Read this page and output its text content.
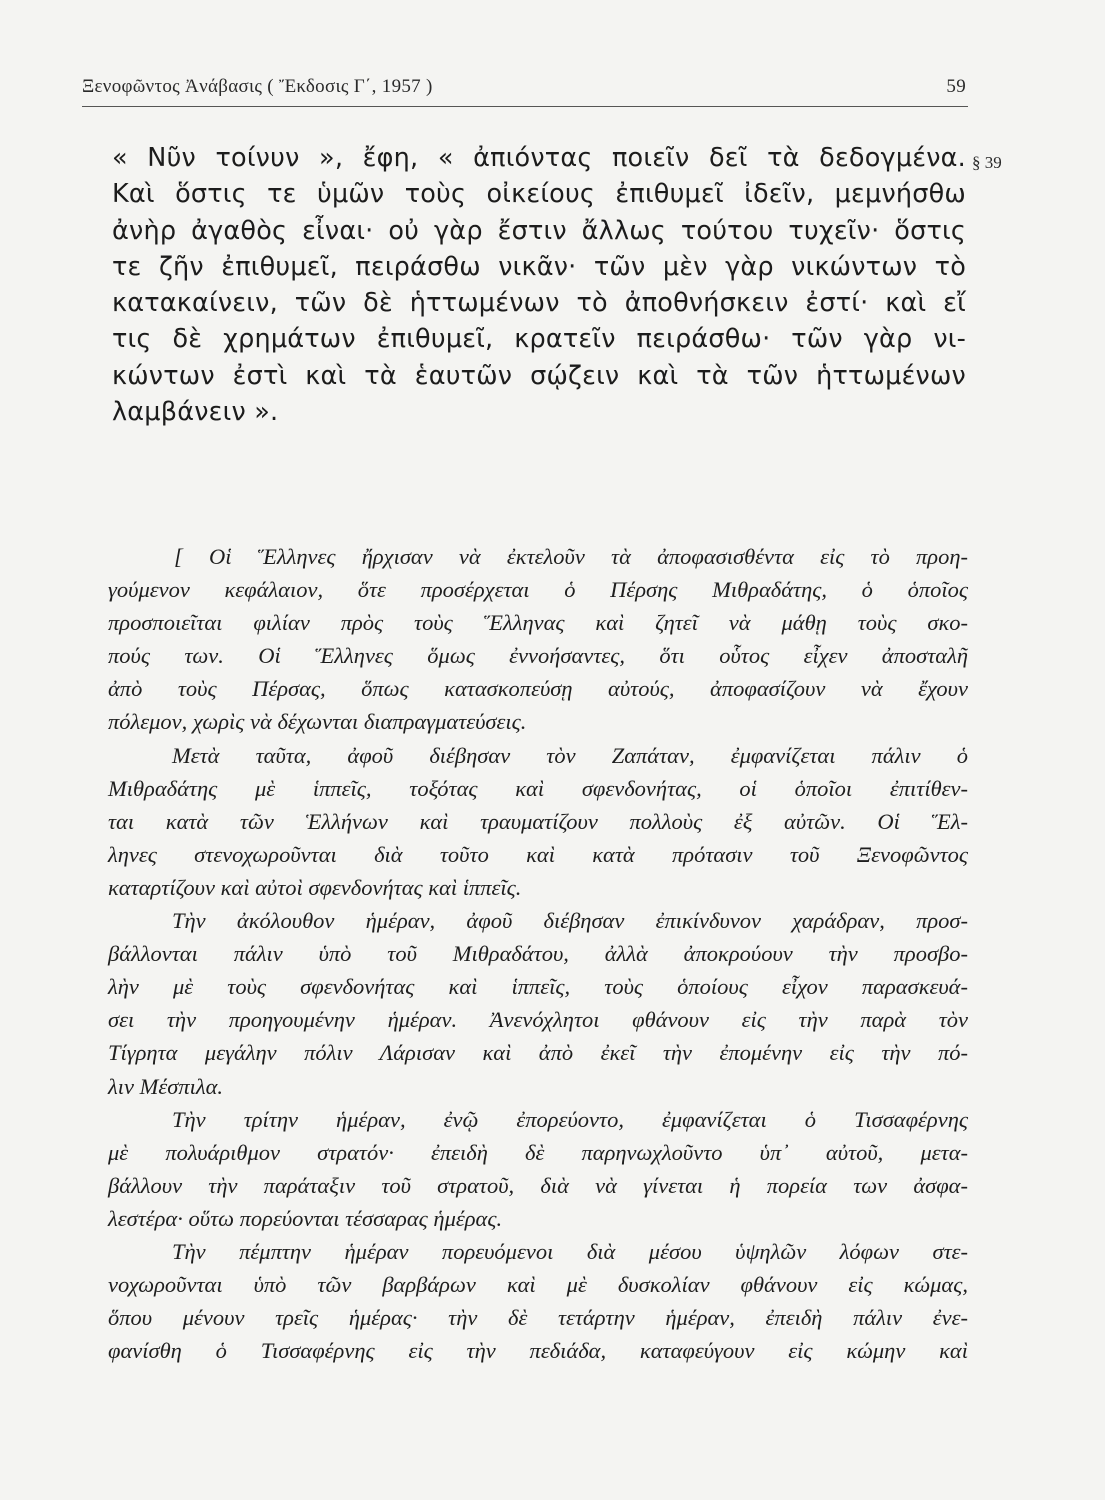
Ξενοφῶντος Ἀνάβασις ( Ἔκδοσις Γ΄, 1957 )	59
§ 39
« Νῦν τοίνυν », ἔφη, « ἀπιόντας ποιεῖν δεῖ τὰ δεδογμένα.
Καὶ ὅστις τε ὑμῶν τοὺς οἰκείους ἐπιθυμεῖ ἰδεῖν, μεμνήσθω
ἀνὴρ ἀγαθὸς εἶναι· οὐ γὰρ ἔστιν ἄλλως τούτου τυχεῖν· ὅστις
τε ζῆν ἐπιθυμεῖ, πειράσθω νικᾶν· τῶν μὲν γὰρ νικώντων τὸ
κατακαίνειν, τῶν δὲ ἡττωμένων τὸ ἀποθνήσκειν ἐστί· καὶ εἴ
τις δὲ χρημάτων ἐπιθυμεῖ, κρατεῖν πειράσθω· τῶν γὰρ νι-
κώντων ἐστὶ καὶ τὰ ἑαυτῶν σῴζειν καὶ τὰ τῶν ἡττωμένων
λαμβάνειν ».
[ Οἱ Ἕλληνες ἤρχισαν νὰ ἐκτελοῦν τὰ ἀποφασισθέντα εἰς τὸ προη-
γούμενον κεφάλαιον, ὅτε προσέρχεται ὁ Πέρσης Μιθραδάτης, ὁ ὁποῖος
προσποιεῖται φιλίαν πρὸς τοὺς Ἕλληνας καὶ ζητεῖ νὰ μάθῃ τοὺς σκο-
πούς των. Οἱ Ἕλληνες ὅμως ἐννοήσαντες, ὅτι οὗτος εἶχεν ἀποσταλῆ
ἀπὸ τοὺς Πέρσας, ὅπως κατασκοπεύσῃ αὐτούς, ἀποφασίζουν νὰ ἔχουν
πόλεμον, χωρὶς νὰ δέχωνται διαπραγματεύσεις.
Μετὰ ταῦτα, ἀφοῦ διέβησαν τὸν Ζαπάταν, ἐμφανίζεται πάλιν ὁ
Μιθραδάτης μὲ ἱππεῖς, τοξότας καὶ σφενδονήτας, οἱ ὁποῖοι ἐπιτίθεν-
ται κατὰ τῶν Ἑλλήνων καὶ τραυματίζουν πολλοὺς ἐξ αὐτῶν. Οἱ Ἕλ-
ληνες στενοχωροῦνται διὰ τοῦτο καὶ κατὰ πρότασιν τοῦ Ξενοφῶντος
καταρτίζουν καὶ αὐτοὶ σφενδονήτας καὶ ἱππεῖς.
Τὴν ἀκόλουθον ἡμέραν, ἀφοῦ διέβησαν ἐπικίνδυνον χαράδραν, προσ-
βάλλονται πάλιν ὑπὸ τοῦ Μιθραδάτου, ἀλλὰ ἀποκρούουν τὴν προσβο-
λὴν μὲ τοὺς σφενδονήτας καὶ ἱππεῖς, τοὺς ὁποίους εἶχον παρασκευά-
σει τὴν προηγουμένην ἡμέραν. Ἀνενόχλητοι φθάνουν εἰς τὴν παρὰ τὸν
Τίγρητα μεγάλην πόλιν Λάρισαν καὶ ἀπὸ ἐκεῖ τὴν ἐπομένην εἰς τὴν πό-
λιν Μέσπιλα.
Τὴν τρίτην ἡμέραν, ἐνῷ ἐπορεύοντο, ἐμφανίζεται ὁ Τισσαφέρνης
μὲ πολυάριθμον στρατόν· ἐπειδὴ δὲ παρηνωχλοῦντο ὑπ᾽ αὐτοῦ, μετα-
βάλλουν τὴν παράταξιν τοῦ στρατοῦ, διὰ νὰ γίνεται ἡ πορεία των ἀσφα-
λεστέρα· οὕτω πορεύονται τέσσαρας ἡμέρας.
Τὴν πέμπτην ἡμέραν πορευόμενοι διὰ μέσου ὑψηλῶν λόφων στε-
νοχωροῦνται ὑπὸ τῶν βαρβάρων καὶ μὲ δυσκολίαν φθάνουν εἰς κώμας,
ὅπου μένουν τρεῖς ἡμέρας· τὴν δὲ τετάρτην ἡμέραν, ἐπειδὴ πάλιν ἐνε-
φανίσθη ὁ Τισσαφέρνης εἰς τὴν πεδιάδα, καταφεύγουν εἰς κώμην καὶ
